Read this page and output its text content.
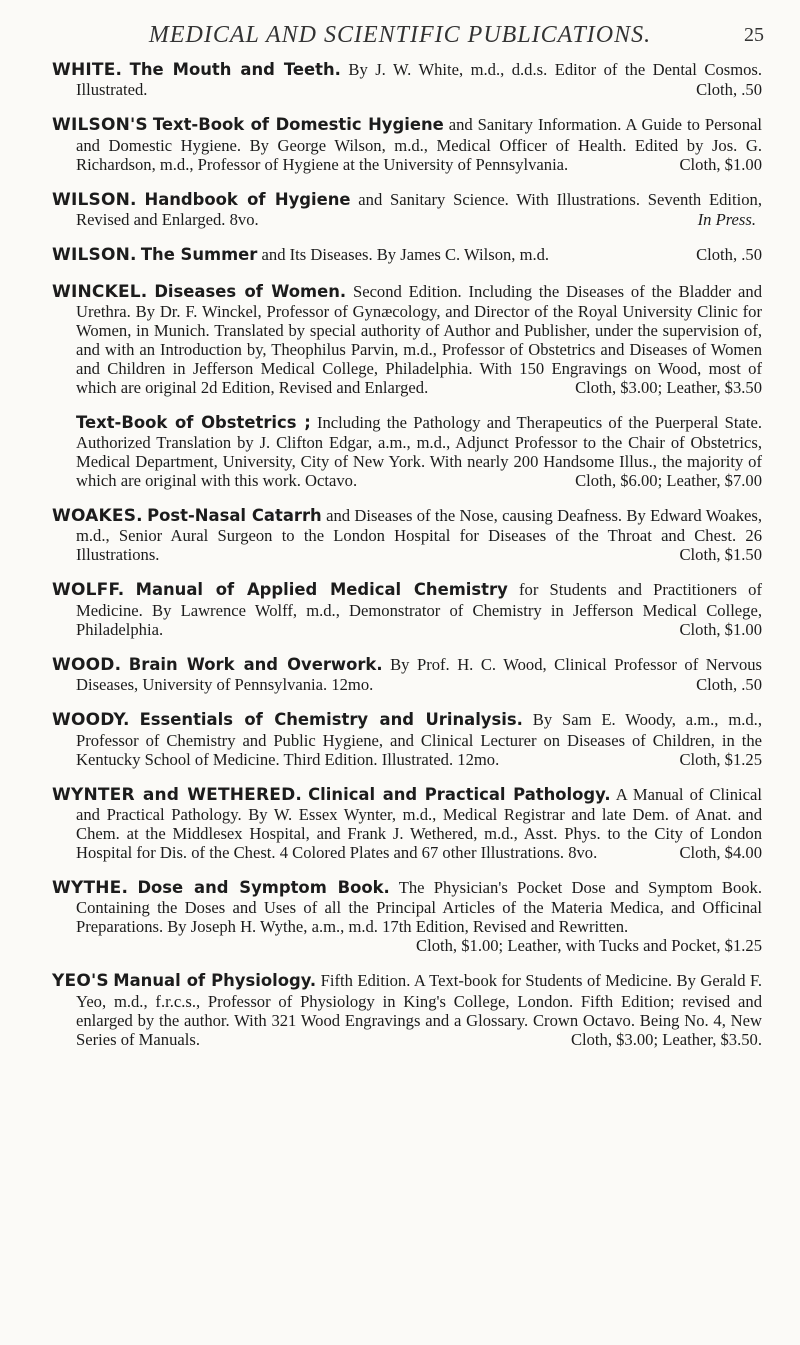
MEDICAL AND SCIENTIFIC PUBLICATIONS.	25

WHITE. The Mouth and Teeth. By J. W. White, m.d., d.d.s. Editor of the Dental Cosmos. Illustrated.	Cloth, .50

WILSON'S Text-Book of Domestic Hygiene and Sanitary Information. A Guide to Personal and Domestic Hygiene. By George Wilson, m.d., Medical Officer of Health. Edited by Jos. G. Richardson, m.d., Professor of Hygiene at the University of Pennsylvania.	Cloth, $1.00

WILSON. Handbook of Hygiene and Sanitary Science. With Illustrations. Seventh Edition, Revised and Enlarged. 8vo.	In Press.

WILSON. The Summer and Its Diseases. By James C. Wilson, m.d.	Cloth, .50

WINCKEL. Diseases of Women. Second Edition. Including the Diseases of the Bladder and Urethra. By Dr. F. Winckel, Professor of Gynæcology, and Director of the Royal University Clinic for Women, in Munich. Translated by special authority of Author and Publisher, under the supervision of, and with an Introduction by, Theophilus Parvin, m.d., Professor of Obstetrics and Diseases of Women and Children in Jefferson Medical College, Philadelphia. With 150 Engravings on Wood, most of which are original 2d Edition, Revised and Enlarged.	Cloth, $3.00; Leather, $3.50

Text-Book of Obstetrics ; Including the Pathology and Therapeutics of the Puerperal State. Authorized Translation by J. Clifton Edgar, a.m., m.d., Adjunct Professor to the Chair of Obstetrics, Medical Department, University, City of New York. With nearly 200 Handsome Illus., the majority of which are original with this work. Octavo.	Cloth, $6.00; Leather, $7.00

WOAKES. Post-Nasal Catarrh and Diseases of the Nose, causing Deafness. By Edward Woakes, m.d., Senior Aural Surgeon to the London Hospital for Diseases of the Throat and Chest. 26 Illustrations.	Cloth, $1.50

WOLFF. Manual of Applied Medical Chemistry for Students and Practitioners of Medicine. By Lawrence Wolff, m.d., Demonstrator of Chemistry in Jefferson Medical College, Philadelphia.	Cloth, $1.00

WOOD. Brain Work and Overwork. By Prof. H. C. Wood, Clinical Professor of Nervous Diseases, University of Pennsylvania. 12mo.	Cloth, .50

WOODY. Essentials of Chemistry and Urinalysis. By Sam E. Woody, a.m., m.d., Professor of Chemistry and Public Hygiene, and Clinical Lecturer on Diseases of Children, in the Kentucky School of Medicine. Third Edition. Illustrated. 12mo.	Cloth, $1.25

WYNTER and WETHERED. Clinical and Practical Pathology. A Manual of Clinical and Practical Pathology. By W. Essex Wynter, m.d., Medical Registrar and late Dem. of Anat. and Chem. at the Middlesex Hospital, and Frank J. Wethered, m.d., Asst. Phys. to the City of London Hospital for Dis. of the Chest. 4 Colored Plates and 67 other Illustrations. 8vo.	Cloth, $4.00

WYTHE. Dose and Symptom Book. The Physician's Pocket Dose and Symptom Book. Containing the Doses and Uses of all the Principal Articles of the Materia Medica, and Officinal Preparations. By Joseph H. Wythe, a.m., m.d. 17th Edition, Revised and Rewritten.
Cloth, $1.00; Leather, with Tucks and Pocket, $1.25

YEO'S Manual of Physiology. Fifth Edition. A Text-book for Students of Medicine. By Gerald F. Yeo, m.d., f.r.c.s., Professor of Physiology in King's College, London. Fifth Edition; revised and enlarged by the author. With 321 Wood Engravings and a Glossary. Crown Octavo. Being No. 4, New Series of Manuals.	Cloth, $3.00; Leather, $3.50.
